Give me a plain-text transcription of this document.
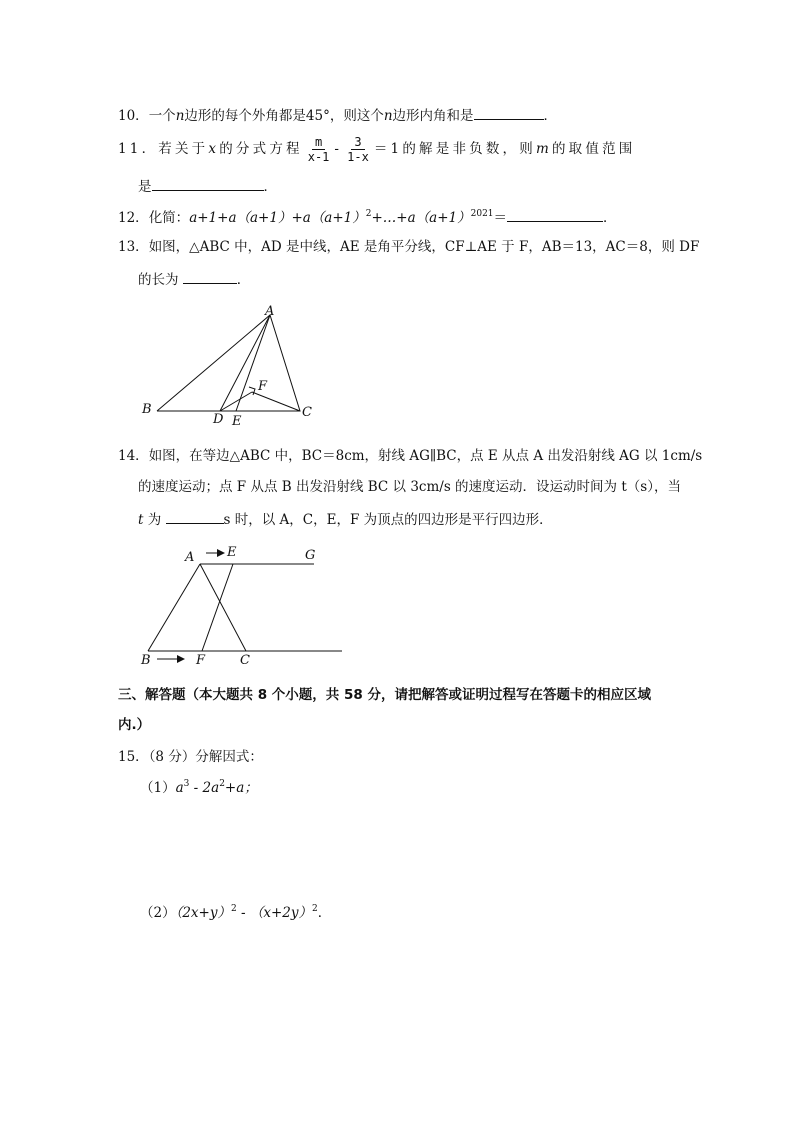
10．一个n边形的每个外角都是45°，则这个n边形内角和是	．
11．若关于x的分式方程 $\frac{m}{x-1} - \frac{3}{1-x} =1$的解是非负数，则m的取值范围
是	．
12．化简：$a+1+a(a+1)+a(a+1)^2+\dots+a(a+1)^{2021}=$	．
13．如图，△ABC 中，AD 是中线，AE 是角平分线，CF⊥AE 于 F，AB＝13，AC＝8，则 DF
的长为	．
A
B	C
D E
F
14．如图，在等边△ABC 中，BC＝8cm，射线 AG∥BC，点 E 从点 A 出发沿射线 AG 以 1cm/s
的速度运动；点 F 从点 B 出发沿射线 BC 以 3cm/s 的速度运动．设运动时间为 t（s），当
t 为	s 时，以 A，C，E，F 为顶点的四边形是平行四边形．
A	E	G
B	F	C
三、解答题（本大题共 8 个小题，共 58 分，请把解答或证明过程写在答题卡的相应区域
内.）
15．（8 分）分解因式：
$(1)a^3 - 2a^2+a$；
$(2)(2x+y)^2 - (x+2y)^2$．
